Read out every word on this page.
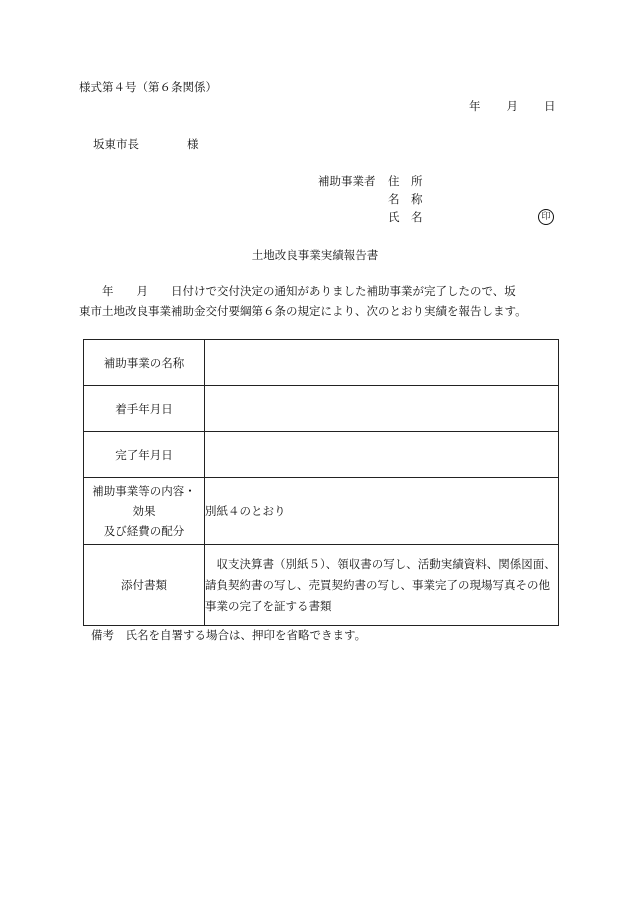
様式第４号（第６条関係）
年 月 日
坂東市長	様
補助事業者 住　所
名　称
氏　名	印
土地改良事業実績報告書
　　年　　月　　日付けで交付決定の通知がありました補助事業が完了したので、坂
東市土地改良事業補助金交付要綱第６条の規定により、次のとおり実績を報告します。
補助事業の名称	
着手年月日	
完了年月日	

補助事業等の内容・
効果
及び経費の配分	別紙４のとおり
添付書類	　収支決算書（別紙５）、領収書の写し、活動実績資料、関係図面、請負契約書の写し、売買契約書の写し、事業完了の現場写真その他事業の完了を証する書類
備考　氏名を自署する場合は、押印を省略できます。
